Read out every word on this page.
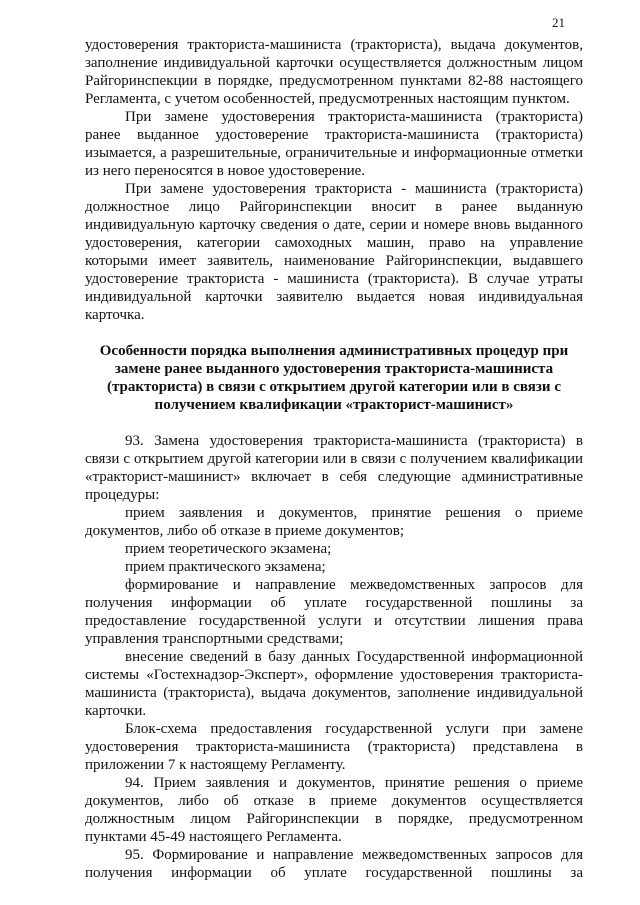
21

удостоверения тракториста-машиниста (тракториста), выдача документов, заполнение индивидуальной карточки осуществляется должностным лицом Райгоринспекции в порядке, предусмотренном пунктами 82-88 настоящего Регламента, с учетом особенностей, предусмотренных настоящим пунктом.

При замене удостоверения тракториста-машиниста (тракториста) ранее выданное удостоверение тракториста-машиниста (тракториста) изымается, а разрешительные, ограничительные и информационные отметки из него переносятся в новое удостоверение.

При замене удостоверения тракториста - машиниста (тракториста) должностное лицо Райгоринспекции вносит в ранее выданную индивидуальную карточку сведения о дате, серии и номере вновь выданного удостоверения, категории самоходных машин, право на управление которыми имеет заявитель, наименование Райгоринспекции, выдавшего удостоверение тракториста - машиниста (тракториста). В случае утраты индивидуальной карточки заявителю выдается новая индивидуальная карточка.

Особенности порядка выполнения административных процедур при замене ранее выданного удостоверения тракториста-машиниста (тракториста) в связи с открытием другой категории или в связи с получением квалификации «тракторист-машинист»

93. Замена удостоверения тракториста-машиниста (тракториста) в связи с открытием другой категории или в связи с получением квалификации «тракторист-машинист» включает в себя следующие административные процедуры:

прием заявления и документов, принятие решения о приеме документов, либо об отказе в приеме документов;

прием теоретического экзамена;

прием практического экзамена;

формирование и направление межведомственных запросов для получения информации об уплате государственной пошлины за предоставление государственной услуги и отсутствии лишения права управления транспортными средствами;

внесение сведений в базу данных Государственной информационной системы «Гостехнадзор-Эксперт», оформление удостоверения тракториста-машиниста (тракториста), выдача документов, заполнение индивидуальной карточки.

Блок-схема предоставления государственной услуги при замене удостоверения тракториста-машиниста (тракториста) представлена в приложении 7 к настоящему Регламенту.

94. Прием заявления и документов, принятие решения о приеме документов, либо об отказе в приеме документов осуществляется должностным лицом Райгоринспекции в порядке, предусмотренном пунктами 45-49 настоящего Регламента.

95. Формирование и направление межведомственных запросов для получения информации об уплате государственной пошлины за
